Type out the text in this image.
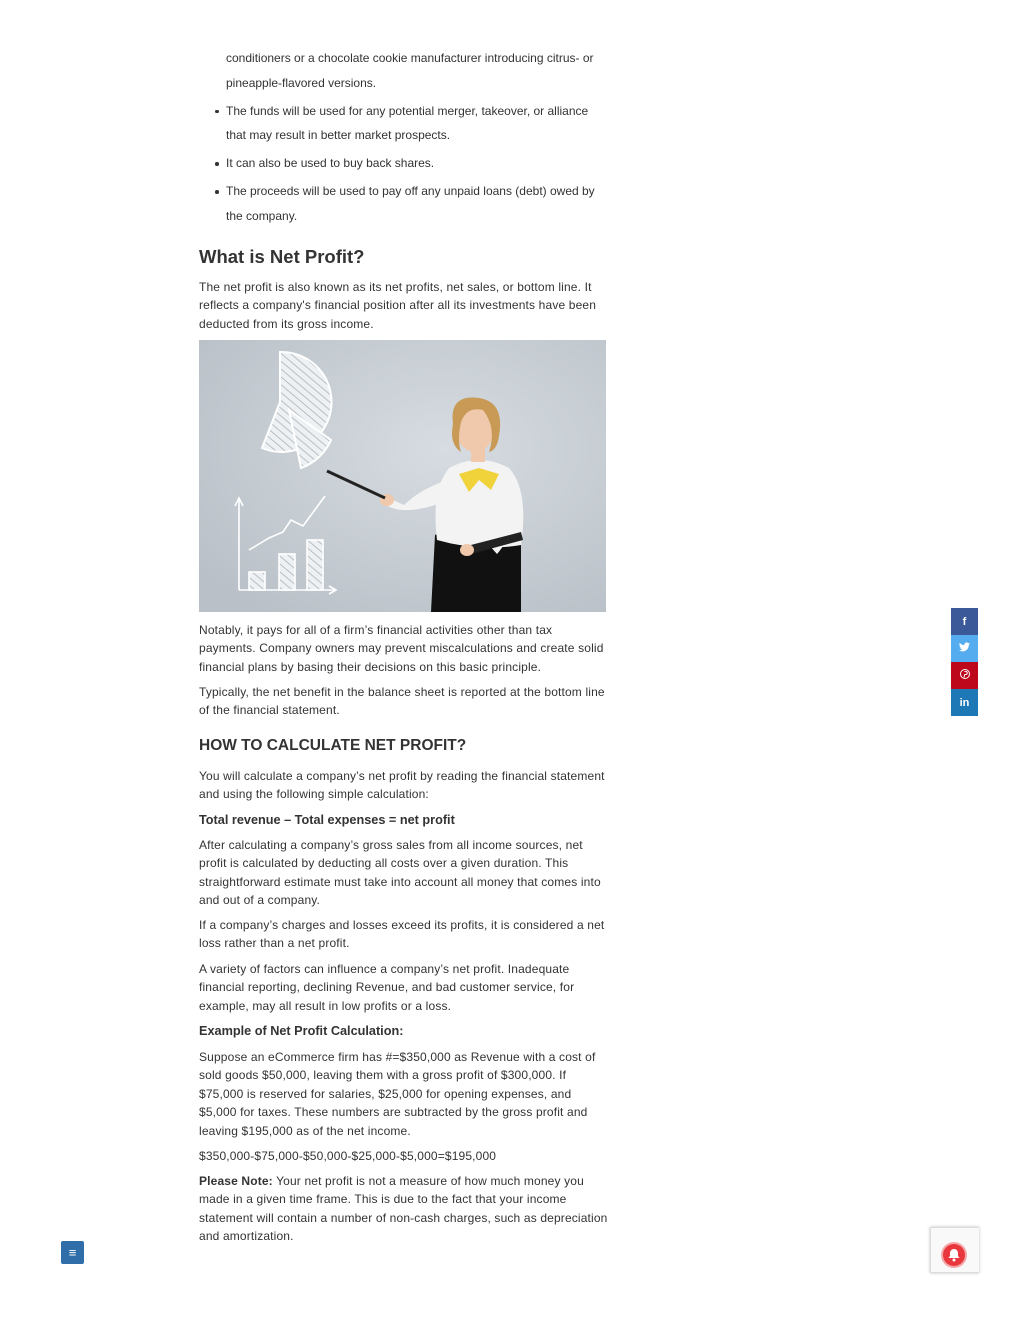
conditioners or a chocolate cookie manufacturer introducing citrus- or
pineapple-flavored versions.
The funds will be used for any potential merger, takeover, or alliance
that may result in better market prospects.
It can also be used to buy back shares.
The proceeds will be used to pay off any unpaid loans (debt) owed by
the company.
What is Net Profit?

The net profit is also known as its net profits, net sales, or bottom line. It reflects a company's financial position after all its investments have been deducted from its gross income.

Notably, it pays for all of a firm’s financial activities other than tax payments. Company owners may prevent miscalculations and create solid financial plans by basing their decisions on this basic principle.

Typically, the net benefit in the balance sheet is reported at the bottom line of the financial statement.

HOW TO CALCULATE NET PROFIT?

You will calculate a company’s net profit by reading the financial statement and using the following simple calculation:

Total revenue – Total expenses = net profit

After calculating a company’s gross sales from all income sources, net profit is calculated by deducting all costs over a given duration. This straightforward estimate must take into account all money that comes into and out of a company.

If a company’s charges and losses exceed its profits, it is considered a net loss rather than a net profit.

A variety of factors can influence a company’s net profit. Inadequate financial reporting, declining Revenue, and bad customer service, for example, may all result in low profits or a loss.

Example of Net Profit Calculation:

Suppose an eCommerce firm has #=$350,000 as Revenue with a cost of sold goods $50,000, leaving them with a gross profit of $300,000. If $75,000 is reserved for salaries, $25,000 for opening expenses, and $5,000 for taxes. These numbers are subtracted by the gross profit and leaving $195,000 as of the net income.

$350,000-$75,000-$50,000-$25,000-$5,000=$195,000

Please Note: Your net profit is not a measure of how much money you made in a given time frame. This is due to the fact that your income statement will contain a number of non-cash charges, such as depreciation and amortization.

f
in
≡
